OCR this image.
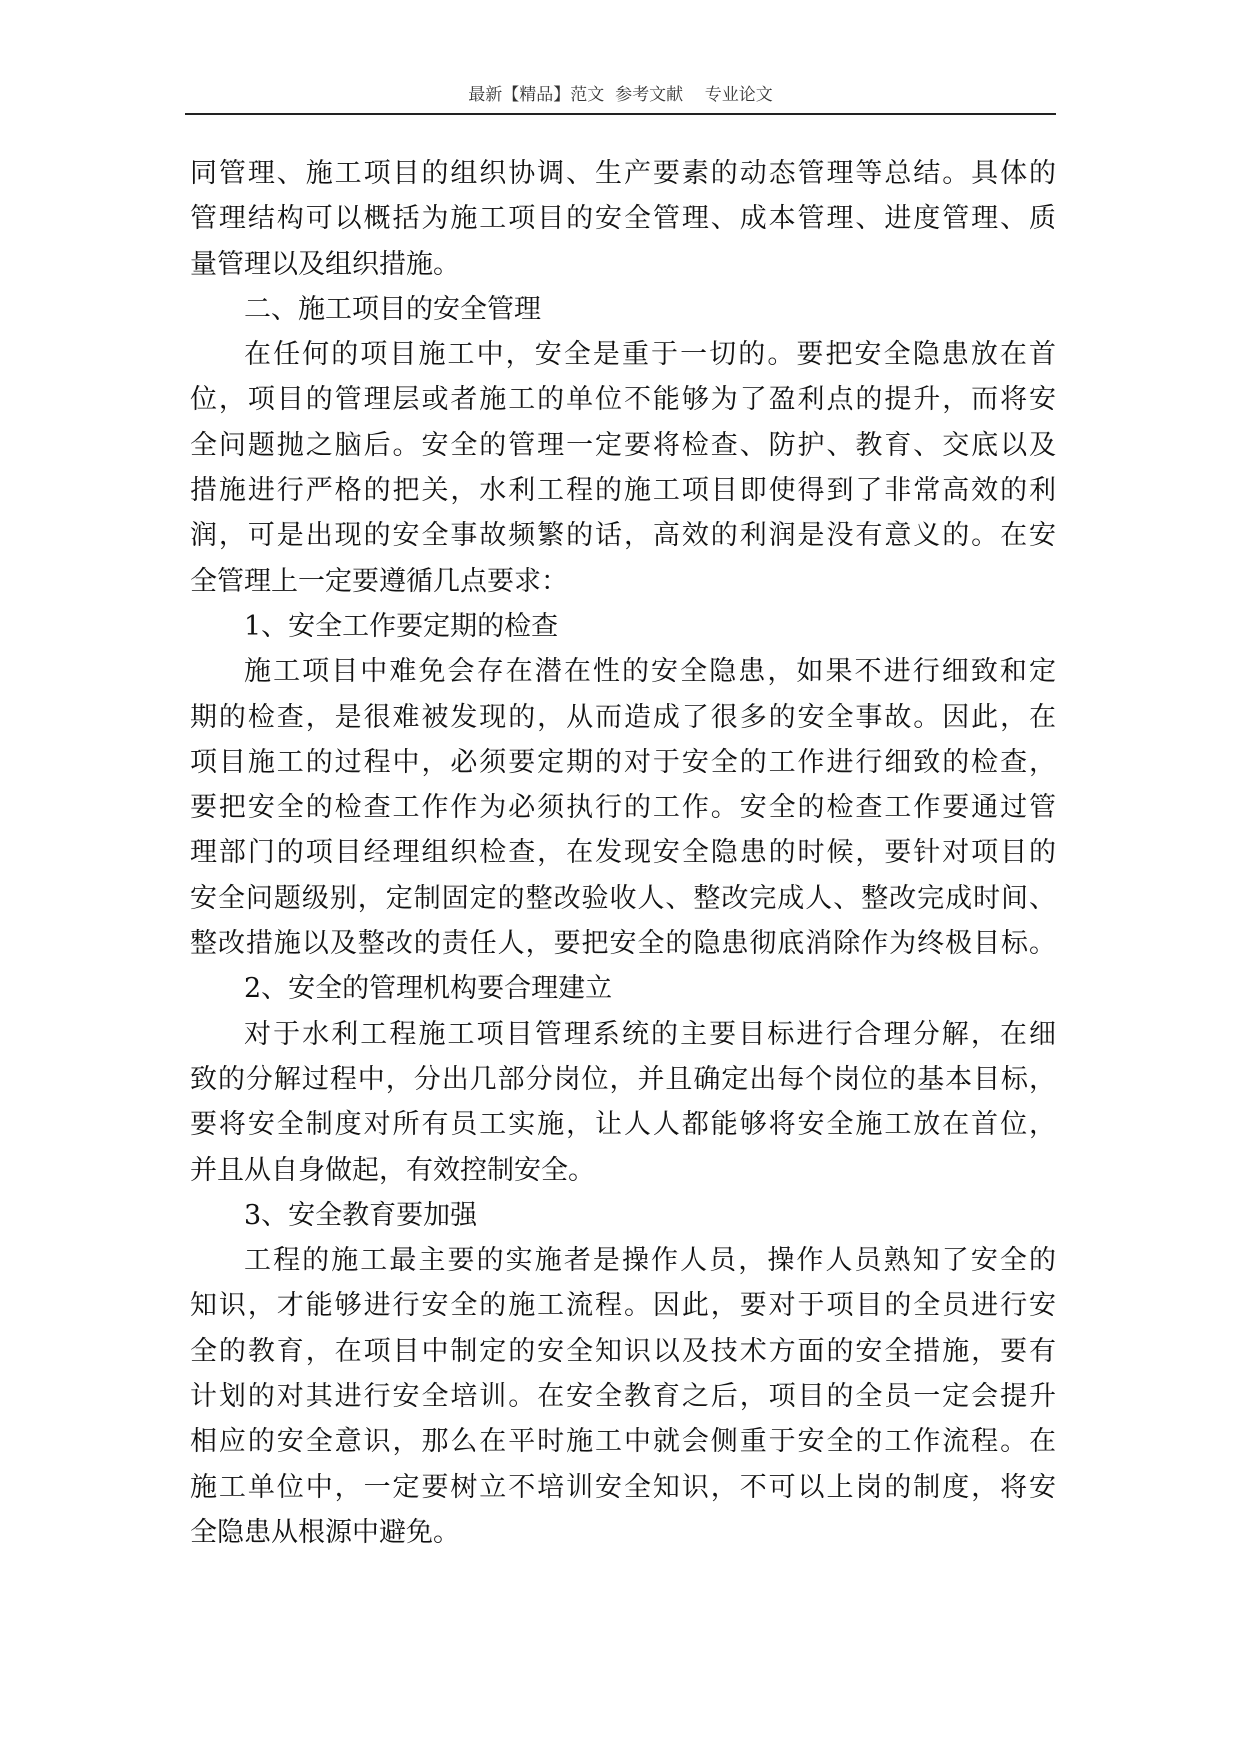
最新【精品】范文  参考文献    专业论文
同管理、施工项目的组织协调、生产要素的动态管理等总结。具体的
管理结构可以概括为施工项目的安全管理、成本管理、进度管理、质
量管理以及组织措施。
二、施工项目的安全管理
在任何的项目施工中，安全是重于一切的。要把安全隐患放在首
位，项目的管理层或者施工的单位不能够为了盈利点的提升，而将安
全问题抛之脑后。安全的管理一定要将检查、防护、教育、交底以及
措施进行严格的把关，水利工程的施工项目即使得到了非常高效的利
润，可是出现的安全事故频繁的话，高效的利润是没有意义的。在安
全管理上一定要遵循几点要求：
1、安全工作要定期的检查
施工项目中难免会存在潜在性的安全隐患，如果不进行细致和定
期的检查，是很难被发现的，从而造成了很多的安全事故。因此，在
项目施工的过程中，必须要定期的对于安全的工作进行细致的检查，
要把安全的检查工作作为必须执行的工作。安全的检查工作要通过管
理部门的项目经理组织检查，在发现安全隐患的时候，要针对项目的
安全问题级别，定制固定的整改验收人、整改完成人、整改完成时间、
整改措施以及整改的责任人，要把安全的隐患彻底消除作为终极目标。
2、安全的管理机构要合理建立
对于水利工程施工项目管理系统的主要目标进行合理分解，在细
致的分解过程中，分出几部分岗位，并且确定出每个岗位的基本目标，
要将安全制度对所有员工实施，让人人都能够将安全施工放在首位，
并且从自身做起，有效控制安全。
3、安全教育要加强
工程的施工最主要的实施者是操作人员，操作人员熟知了安全的
知识，才能够进行安全的施工流程。因此，要对于项目的全员进行安
全的教育，在项目中制定的安全知识以及技术方面的安全措施，要有
计划的对其进行安全培训。在安全教育之后，项目的全员一定会提升
相应的安全意识，那么在平时施工中就会侧重于安全的工作流程。在
施工单位中，一定要树立不培训安全知识，不可以上岗的制度，将安
全隐患从根源中避免。
